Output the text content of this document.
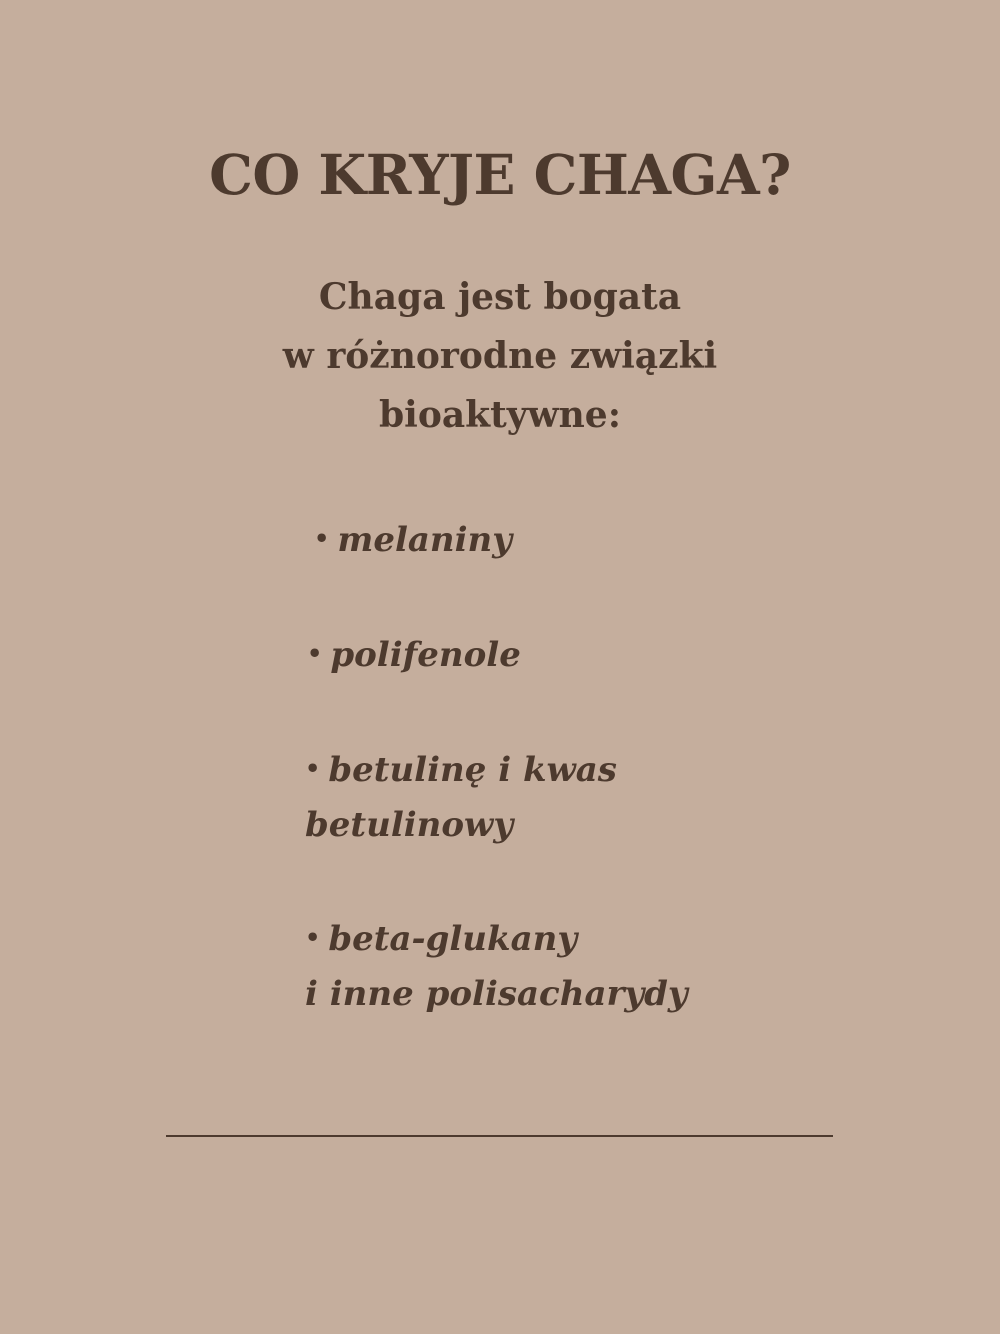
CO KRYJE CHAGA?
Chaga jest bogata
w różnorodne związki
bioaktywne:
• melaniny
• polifenole
• betulinę i kwas
betulinowy
• beta-glukany
i inne polisacharydy
